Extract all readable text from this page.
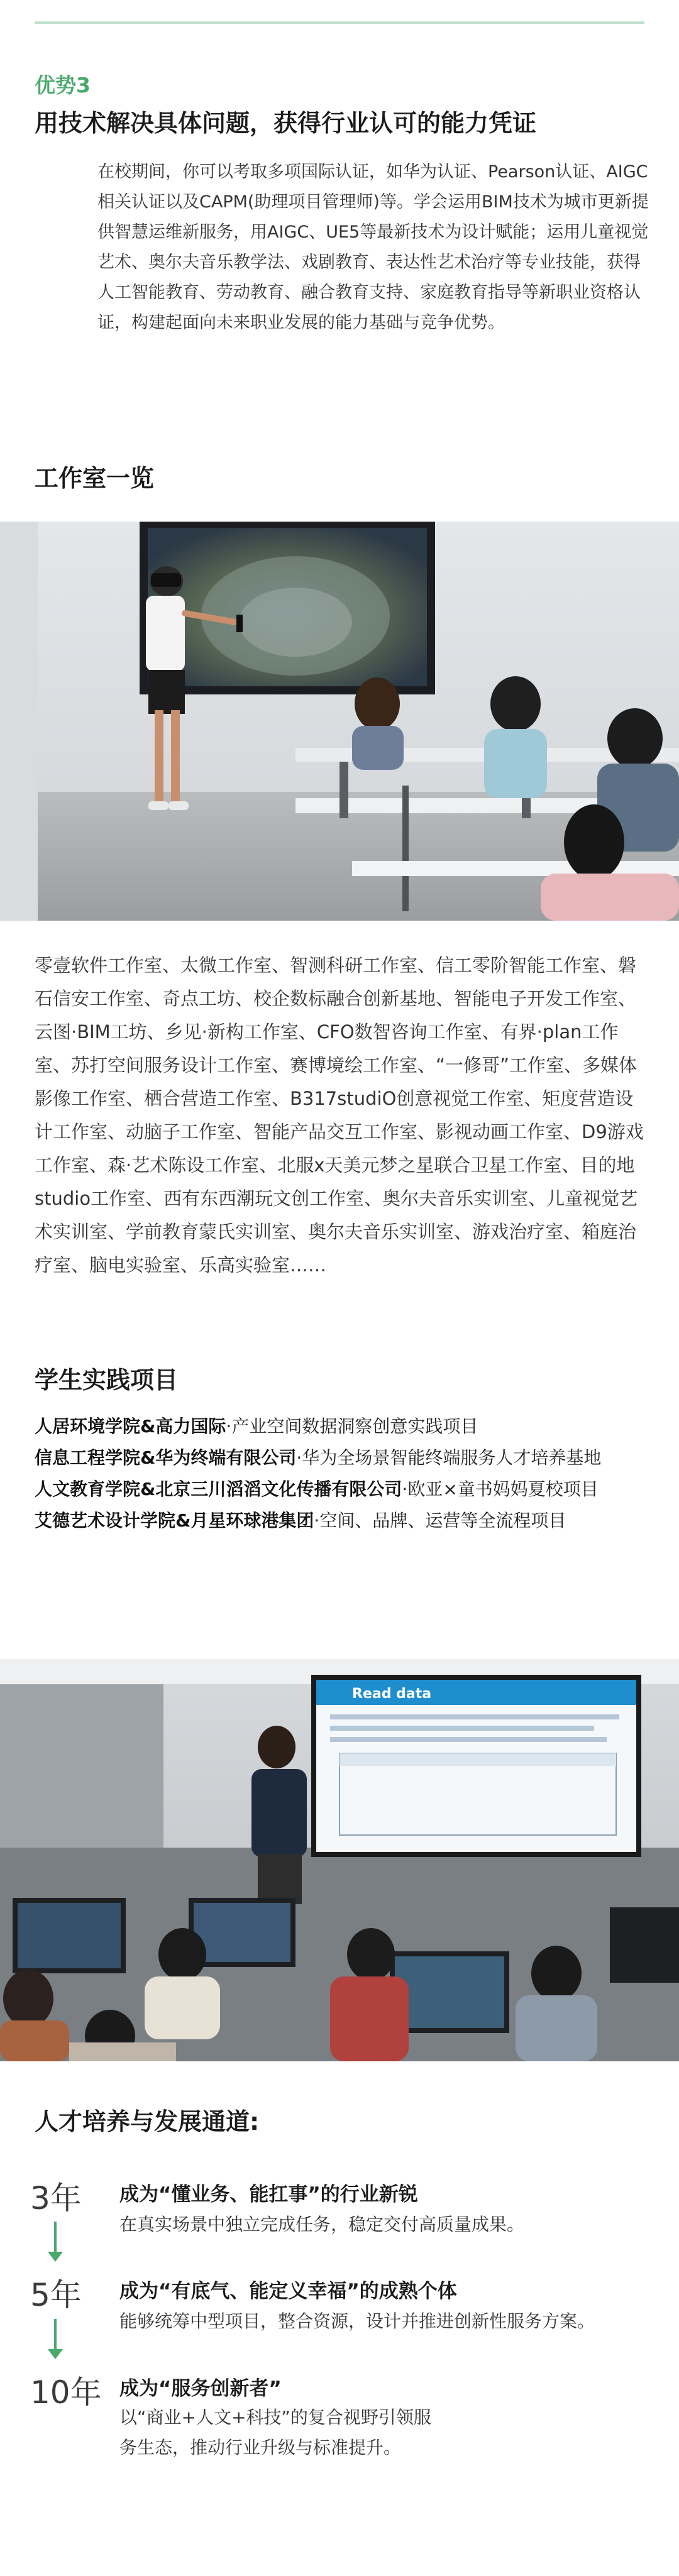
优势3
用技术解决具体问题，获得行业认可的能力凭证
在校期间，你可以考取多项国际认证，如华为认证、Pearson认证、AIGC相关认证以及CAPM(助理项目管理师)等。学会运用BIM技术为城市更新提供智慧运维新服务，用AIGC、UE5等最新技术为设计赋能；运用儿童视觉艺术、奥尔夫音乐教学法、戏剧教育、表达性艺术治疗等专业技能，获得人工智能教育、劳动教育、融合教育支持、家庭教育指导等新职业资格认证，构建起面向未来职业发展的能力基础与竞争优势。
工作室一览
零壹软件工作室、太微工作室、智测科研工作室、信工零阶智能工作室、磐石信安工作室、奇点工坊、校企数标融合创新基地、智能电子开发工作室、云图·BIM工坊、乡见·新构工作室、CFO数智咨询工作室、有界·plan工作室、苏打空间服务设计工作室、赛博境绘工作室、“一修哥”工作室、多媒体影像工作室、栖合营造工作室、B317studiO创意视觉工作室、矩度营造设计工作室、动脑子工作室、智能产品交互工作室、影视动画工作室、D9游戏工作室、森·艺术陈设工作室、北服x天美元梦之星联合卫星工作室、目的地studio工作室、西有东西潮玩文创工作室、奥尔夫音乐实训室、儿童视觉艺术实训室、学前教育蒙氏实训室、奥尔夫音乐实训室、游戏治疗室、箱庭治疗室、脑电实验室、乐高实验室……
学生实践项目
人居环境学院&高力国际·产业空间数据洞察创意实践项目
信息工程学院&华为终端有限公司·华为全场景智能终端服务人才培养基地
人文教育学院&北京三川滔滔文化传播有限公司·欧亚×童书妈妈夏校项目
艾德艺术设计学院&月星环球港集团·空间、品牌、运营等全流程项目
Read data
人才培养与发展通道:
3年 成为“懂业务、能扛事”的行业新锐
在真实场景中独立完成任务，稳定交付高质量成果。
5年 成为“有底气、能定义幸福”的成熟个体
能够统筹中型项目，整合资源，设计并推进创新性服务方案。
10年 成为“服务创新者”
以“商业+人文+科技”的复合视野引领服务生态，推动行业升级与标准提升。
